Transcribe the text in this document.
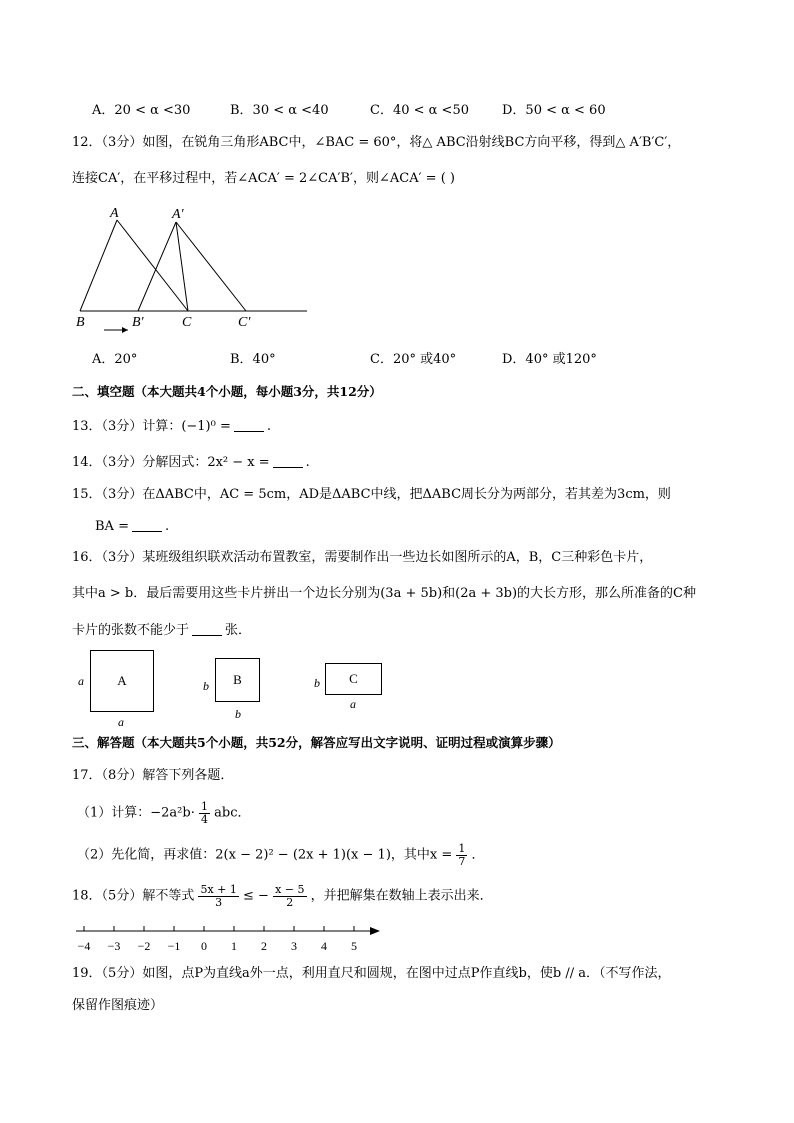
A．20 < α <30	B．30 < α <40	C．40 < α <50	D．50 < α < 60
12．（3分）如图，在锐角三角形ABC中，∠BAC = 60°，将△ ABC沿射线BC方向平移，得到△ A′B′C′，
连接CA′，在平移过程中，若∠ACA′ = 2∠CA′B′，则∠ACA′ = ( )
A	A′
B	B′	C	C′
A．20°	B．40°	C．20° 或40°	D．40° 或120°
二、填空题（本大题共4个小题，每小题3分，共12分）
13．（3分）计算：(−1)⁰ =	.
14．（3分）分解因式：2x² − x =	.
15．（3分）在ΔABC中，AC = 5cm，AD是ΔABC中线，把ΔABC周长分为两部分，若其差为3cm，则
BA =	.
16．（3分）某班级组织联欢活动布置教室，需要制作出一些边长如图所示的A，B，C三种彩色卡片，
其中a > b．最后需要用这些卡片拼出一个边长分别为(3a + 5b)和(2a + 3b)的大长方形，那么所准备的C种
卡片的张数不能少于	张．
A
a
a
B
b
b
C
b
a
三、解答题（本大题共5个小题，共52分，解答应写出文字说明、证明过程或演算步骤）
17．（8分）解答下列各题．
（1）计算：$-2a^2b\cdot \frac{1}{4}$ abc．
（2）先化简，再求值：2(x − 2)² − (2x + 1)(x − 1)，其中$x = \frac{1}{7}$ ．
18．（5分）解不等式 $\frac{5x + 1}{3}$ ≤ − $\frac{x - 5}{2}$ ，并把解集在数轴上表示出来．
−4 −3 −2 −1 0 1 2 3 4 5
19．（5分）如图，点P为直线a外一点，利用直尺和圆规，在图中过点P作直线b，使b // a．（不写作法，
保留作图痕迹）
